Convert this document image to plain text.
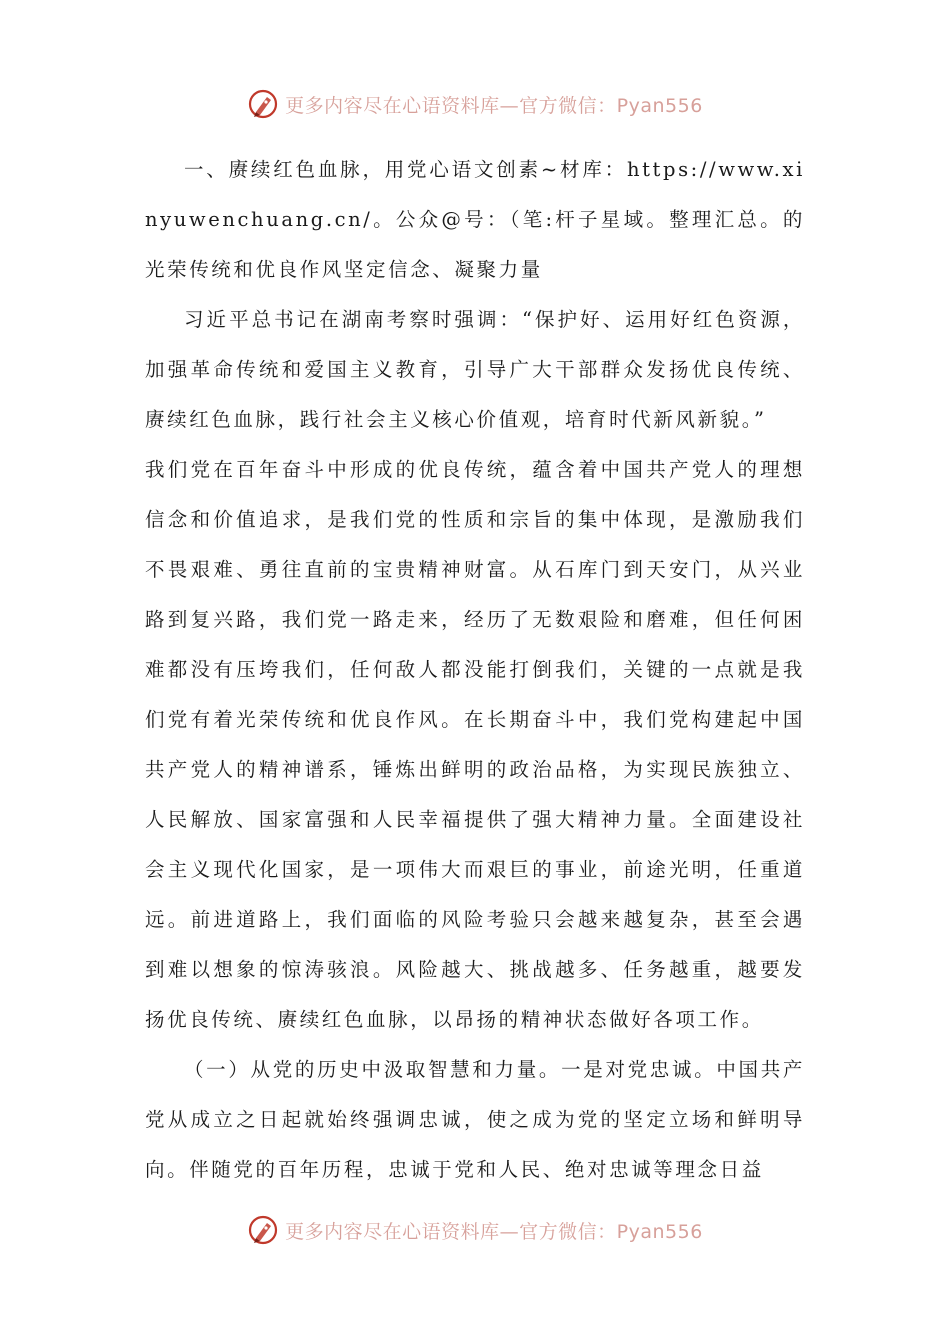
更多内容尽在心语资料库—官方微信：Pyan556

一、赓续红色血脉，用党心语文创素~材库：https://www.xinyuwenchuang.cn/。公众@号：（笔:杆子星域。整理汇总。的光荣传统和优良作风坚定信念、凝聚力量

习近平总书记在湖南考察时强调：“保护好、运用好红色资源，加强革命传统和爱国主义教育，引导广大干部群众发扬优良传统、赓续红色血脉，践行社会主义核心价值观，培育时代新风新貌。”

我们党在百年奋斗中形成的优良传统，蕴含着中国共产党人的理想信念和价值追求，是我们党的性质和宗旨的集中体现，是激励我们不畏艰难、勇往直前的宝贵精神财富。从石库门到天安门，从兴业路到复兴路，我们党一路走来，经历了无数艰险和磨难，但任何困难都没有压垮我们，任何敌人都没能打倒我们，关键的一点就是我们党有着光荣传统和优良作风。在长期奋斗中，我们党构建起中国共产党人的精神谱系，锤炼出鲜明的政治品格，为实现民族独立、人民解放、国家富强和人民幸福提供了强大精神力量。全面建设社会主义现代化国家，是一项伟大而艰巨的事业，前途光明，任重道远。前进道路上，我们面临的风险考验只会越来越复杂，甚至会遇到难以想象的惊涛骇浪。风险越大、挑战越多、任务越重，越要发扬优良传统、赓续红色血脉，以昂扬的精神状态做好各项工作。

（一）从党的历史中汲取智慧和力量。一是对党忠诚。中国共产党从成立之日起就始终强调忠诚，使之成为党的坚定立场和鲜明导向。伴随党的百年历程，忠诚于党和人民、绝对忠诚等理念日益

更多内容尽在心语资料库—官方微信：Pyan556
